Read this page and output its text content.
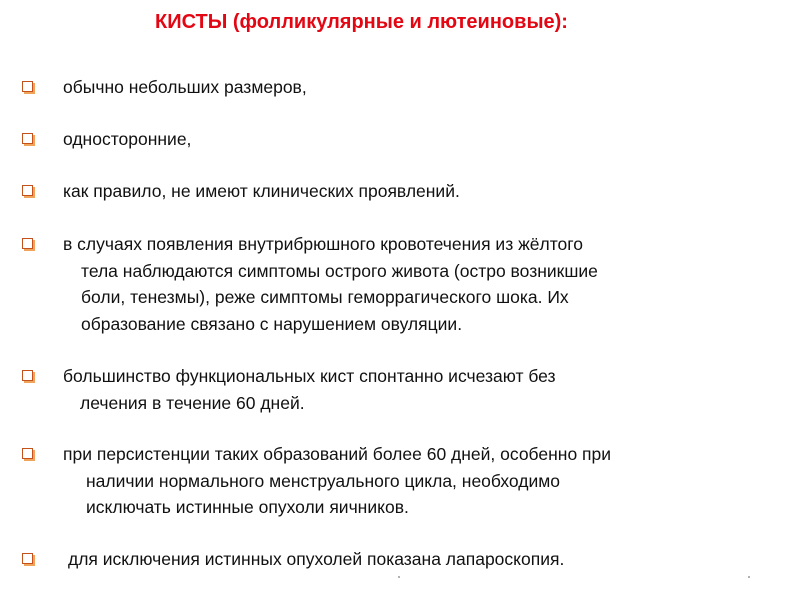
КИСТЫ (фолликулярные и лютеиновые):
обычно небольших размеров,
односторонние,
как правило, не имеют клинических проявлений.
в случаях появления внутрибрюшного кровотечения из жёлтого
тела наблюдаются симптомы острого живота (остро возникшие
боли, тенезмы), реже симптомы геморрагического шока. Их
образование связано с нарушением овуляции.
большинство функциональных кист спонтанно исчезают без
лечения в течение 60 дней.
при персистенции таких образований более 60 дней, особенно при
наличии нормального менструального цикла, необходимо
исключать истинные опухоли яичников.
для исключения истинных опухолей показана лапароскопия.
